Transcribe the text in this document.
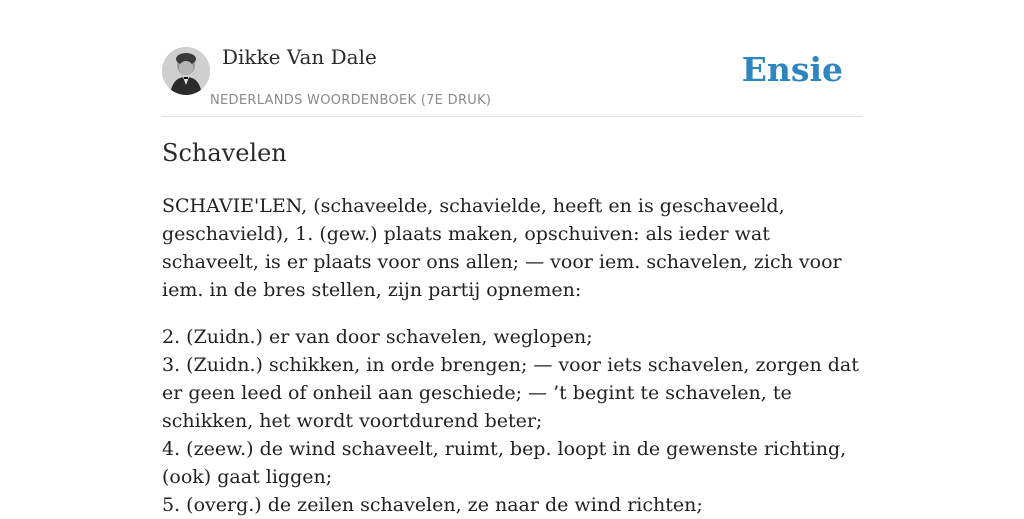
Dikke Van Dale
NEDERLANDS WOORDENBOEK (7E DRUK)
Ensie
Schavelen

SCHAVIE'LEN, (schaveelde, schavielde, heeft en is geschaveeld, geschavield), 1. (gew.) plaats maken, opschuiven: als ieder wat schaveelt, is er plaats voor ons allen; — voor iem. schavelen, zich voor iem. in de bres stellen, zijn partij opnemen:

2. (Zuidn.) er van door schavelen, weglopen;
3. (Zuidn.) schikken, in orde brengen; — voor iets schavelen, zorgen dat er geen leed of onheil aan geschiede; — ’t begint te schavelen, te schikken, het wordt voortdurend beter;
4. (zeew.) de wind schaveelt, ruimt, bep. loopt in de gewenste richting, (ook) gaat liggen;
5. (overg.) de zeilen schavelen, ze naar de wind richten;
